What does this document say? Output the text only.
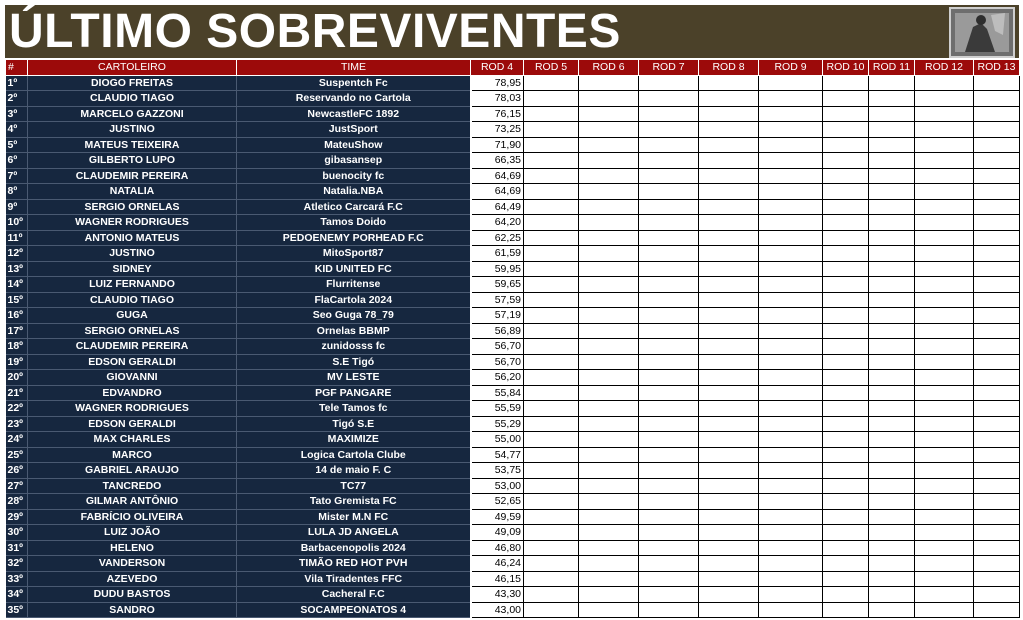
ÚLTIMO SOBREVIVENTES
#	CARTOLEIRO	TIME	ROD 4	ROD 5	ROD 6	ROD 7	ROD 8	ROD 9	ROD 10	ROD 11	ROD 12	ROD 13
1º	DIOGO FREITAS	Suspentch Fc	78,95									
2º	CLAUDIO TIAGO	Reservando no Cartola	78,03									
3º	MARCELO GAZZONI	NewcastleFC 1892	76,15									
4º	JUSTINO	JustSport	73,25									
5º	MATEUS TEIXEIRA	MateuShow	71,90									
6º	GILBERTO LUPO	gibasansep	66,35									
7º	CLAUDEMIR PEREIRA	buenocity fc	64,69									
8º	NATALIA	Natalia.NBA	64,69									
9º	SERGIO ORNELAS	Atletico Carcará F.C	64,49									
10º	WAGNER RODRIGUES	Tamos Doido	64,20									
11º	ANTONIO MATEUS	PEDOENEMY PORHEAD F.C	62,25									
12º	JUSTINO	MitoSport87	61,59									
13º	SIDNEY	KID UNITED FC	59,95									
14º	LUIZ FERNANDO	Flurritense	59,65									
15º	CLAUDIO TIAGO	FlaCartola 2024	57,59									
16º	GUGA	Seo Guga 78_79	57,19									
17º	SERGIO ORNELAS	Ornelas BBMP	56,89									
18º	CLAUDEMIR PEREIRA	zunidosss fc	56,70									
19º	EDSON GERALDI	S.E Tigó	56,70									
20º	GIOVANNI	MV LESTE	56,20									
21º	EDVANDRO	PGF PANGARE	55,84									
22º	WAGNER RODRIGUES	Tele Tamos fc	55,59									
23º	EDSON GERALDI	Tigó S.E	55,29									
24º	MAX CHARLES	MAXIMIZE	55,00									
25º	MARCO	Logica Cartola Clube	54,77									
26º	GABRIEL ARAUJO	14 de maio F. C	53,75									
27º	TANCREDO	TC77	53,00									
28º	GILMAR ANTÔNIO	Tato Gremista FC	52,65									
29º	FABRÍCIO OLIVEIRA	Mister M.N FC	49,59									
30º	LUIZ JOÃO	LULA JD ANGELA	49,09									
31º	HELENO	Barbacenopolis 2024	46,80									
32º	VANDERSON	TIMÃO RED HOT PVH	46,24									
33º	AZEVEDO	Vila Tiradentes FFC	46,15									
34º	DUDU BASTOS	Cacheral F.C	43,30									
35º	SANDRO	SOCAMPEONATOS 4	43,00									
